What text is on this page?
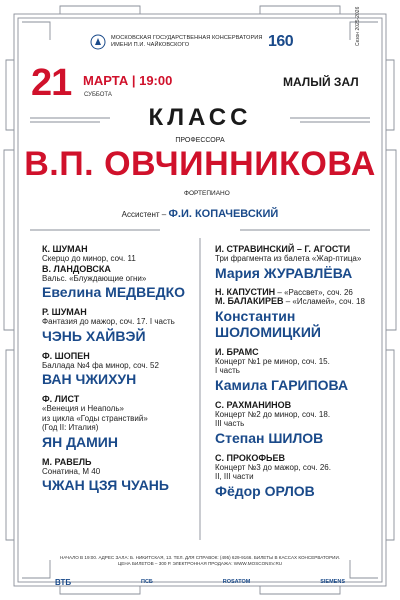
МОСКОВСКАЯ ГОСУДАРСТВЕННАЯ КОНСЕРВАТОРИЯ
ИМЕНИ П.И. ЧАЙКОВСКОГО	160	Сезон 2025-2026
21 МАРТА | 19:00
СУББОТА
МАЛЫЙ ЗАЛ
КЛАСС
ПРОФЕССОРА
В.П. ОВЧИННИКОВА
ФОРТЕПИАНО
Ассистент – Ф.И. КОПАЧЕВСКИЙ
К. ШУМАН
Скерцо до минор, соч. 11
В. ЛАНДОВСКА
Вальс. «Блуждающие огни»
Евелина МЕДВЕДКО
Р. ШУМАН
Фантазия до мажор, соч. 17. I часть
ЧЭНЬ ХАЙВЭЙ
Ф. ШОПЕН
Баллада №4 фа минор, соч. 52
ВАН ЧЖИХУН
Ф. ЛИСТ
«Венеция и Неаполь»
из цикла «Годы странствий»
(Год II: Италия)
ЯН ДАМИН
М. РАВЕЛЬ
Сонатина, М 40
ЧЖАН ЦЗЯ ЧУАНЬ
И. СТРАВИНСКИЙ – Г. АГОСТИ
Три фрагмента из балета «Жар-птица»
Мария ЖУРАВЛЁВА
Н. КАПУСТИН – «Рассвет», соч. 26
М. БАЛАКИРЕВ – «Исламей», соч. 18
Константин
ШОЛОМИЦКИЙ
И. БРАМС
Концерт №1 ре минор, соч. 15.
I часть
Камила ГАРИПОВА
С. РАХМАНИНОВ
Концерт №2 до минор, соч. 18.
III часть
Степан ШИЛОВ
С. ПРОКОФЬЕВ
Концерт №3 до мажор, соч. 26.
II, III части
Фёдор ОРЛОВ
НАЧАЛО В 19:00. АДРЕС ЗАЛА: Б. НИКИТСКАЯ, 13. ТЕЛ. ДЛЯ СПРАВОК: (495) 629-9166. БИЛЕТЫ В КАССАХ КОНСЕРВАТОРИИ.
ЦЕНА БИЛЕТОВ – 300 Р. ЭЛЕКТРОННАЯ ПРОДАЖА: WWW.MOSCONSV.RU
ВТБ	ПСБ	ROSATOM	SIEMENS
